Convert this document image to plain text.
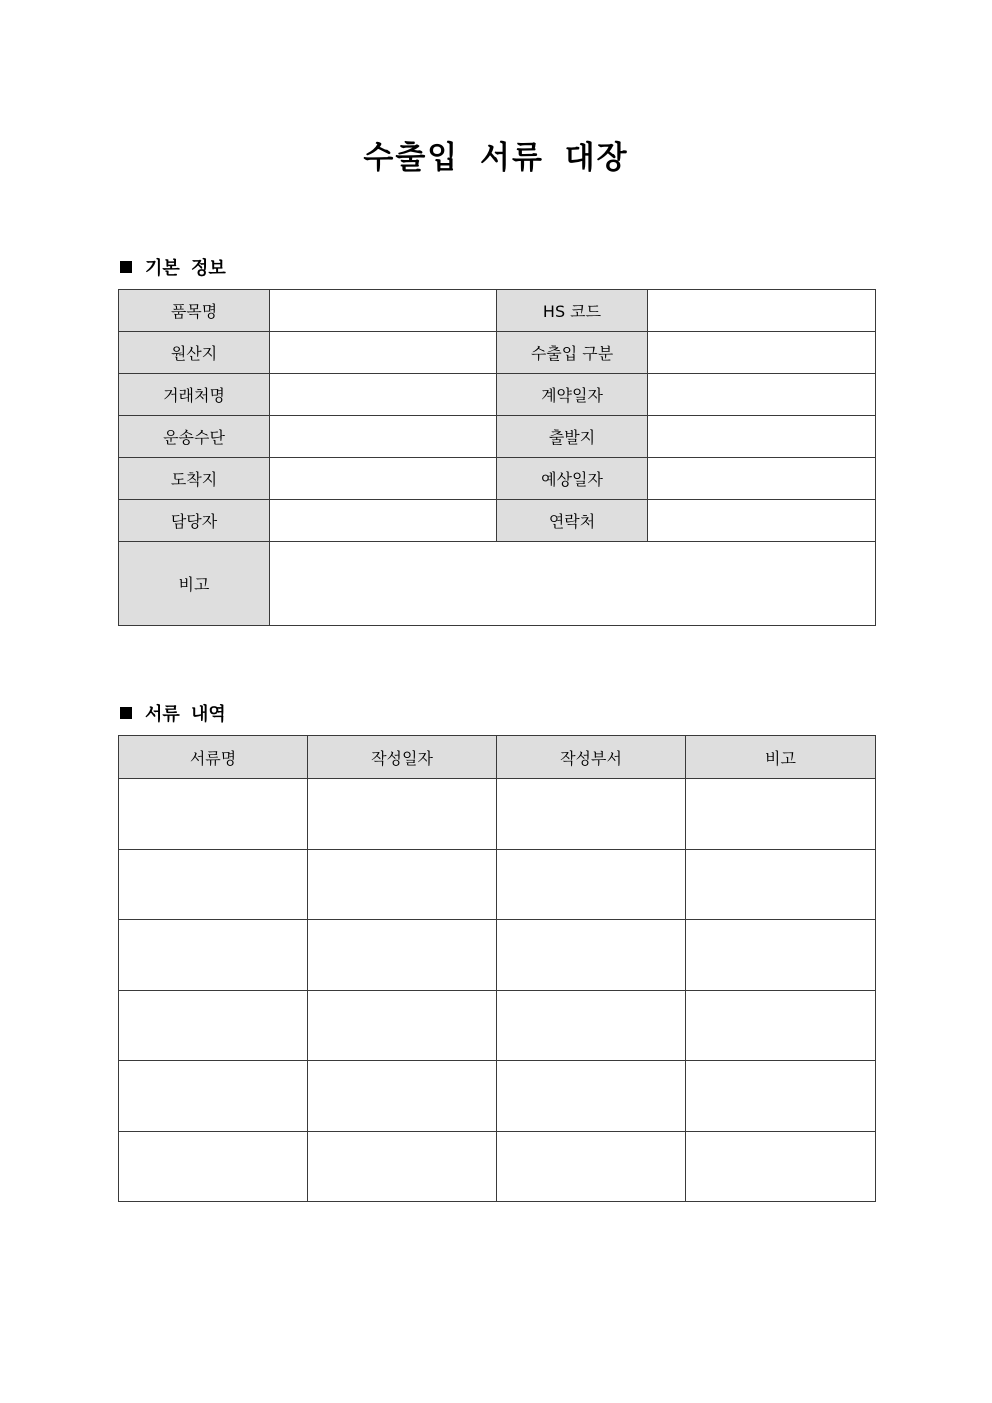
수출입 서류 대장
기본 정보
품목명		HS 코드	
원산지		수출입 구분	
거래처명		계약일자	
운송수단		출발지	
도착지		예상일자	
담당자		연락처	
비고			
서류 내역
서류명	작성일자	작성부서	비고
